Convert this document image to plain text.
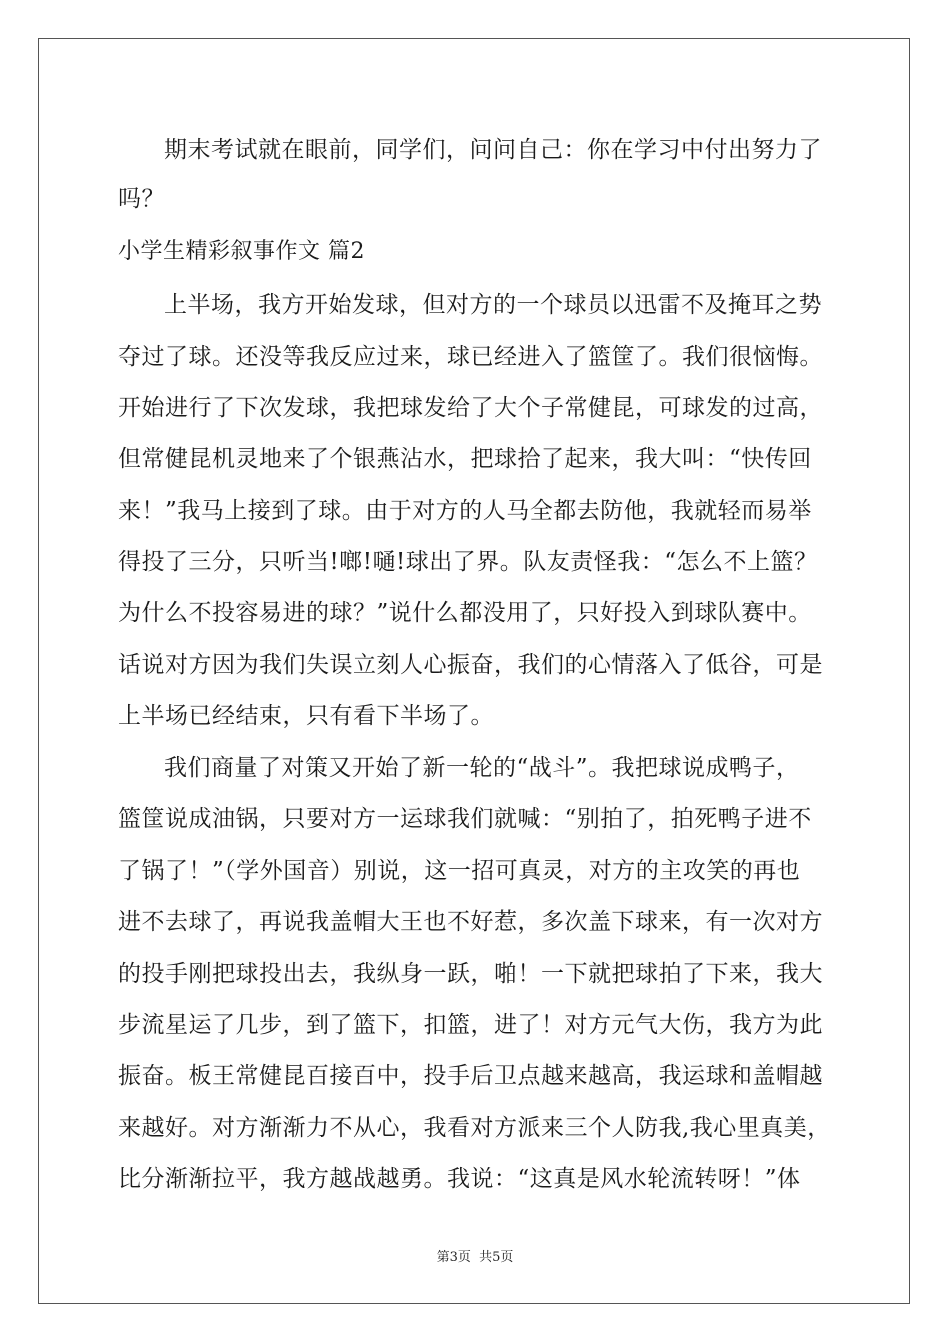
期末考试就在眼前，同学们，问问自己：你在学习中付出努力了
吗？
小学生精彩叙事作文 篇2
上半场，我方开始发球，但对方的一个球员以迅雷不及掩耳之势
夺过了球。还没等我反应过来，球已经进入了篮筐了。我们很恼悔。
开始进行了下次发球，我把球发给了大个子常健昆，可球发的过高，
但常健昆机灵地来了个银燕沾水，把球拾了起来，我大叫：“快传回
来！”我马上接到了球。由于对方的人马全都去防他，我就轻而易举
得投了三分，只听当!啷!嗵!球出了界。队友责怪我：“怎么不上篮？
为什么不投容易进的球？”说什么都没用了，只好投入到球队赛中。
话说对方因为我们失误立刻人心振奋，我们的心情落入了低谷，可是
上半场已经结束，只有看下半场了。
我们商量了对策又开始了新一轮的“战斗”。我把球说成鸭子，
篮筐说成油锅，只要对方一运球我们就喊：“别拍了，拍死鸭子进不
了锅了！”（学外国音）别说，这一招可真灵，对方的主攻笑的再也
进不去球了，再说我盖帽大王也不好惹，多次盖下球来，有一次对方
的投手刚把球投出去，我纵身一跃，啪！一下就把球拍了下来，我大
步流星运了几步，到了篮下，扣篮，进了！对方元气大伤，我方为此
振奋。板王常健昆百接百中，投手后卫点越来越高，我运球和盖帽越
来越好。对方渐渐力不从心，我看对方派来三个人防我,我心里真美，
比分渐渐拉平，我方越战越勇。我说：“这真是风水轮流转呀！”体
第3页 共5页
